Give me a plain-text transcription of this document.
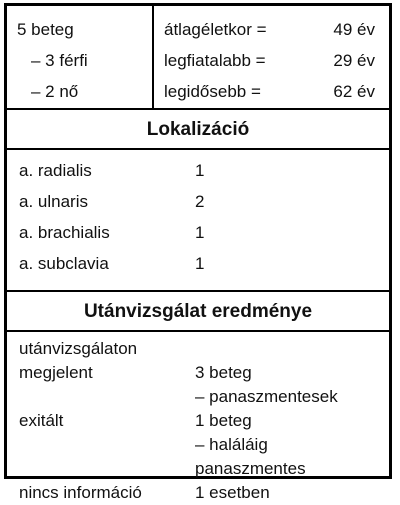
5 beteg
– 3 férfi
– 2 nő
átlagéletkor =	49 év
legfiatalabb =	29 év
legidősebb =	62 év
Lokalizáció
a. radialis	1
a. ulnaris	2
a. brachialis	1
a. subclavia	1
Utánvizsgálat eredménye
utánvizsgálaton
megjelent	3 beteg
– panaszmentesek
exitált	1 beteg
– haláláig
panaszmentes
nincs információ	1 esetben
